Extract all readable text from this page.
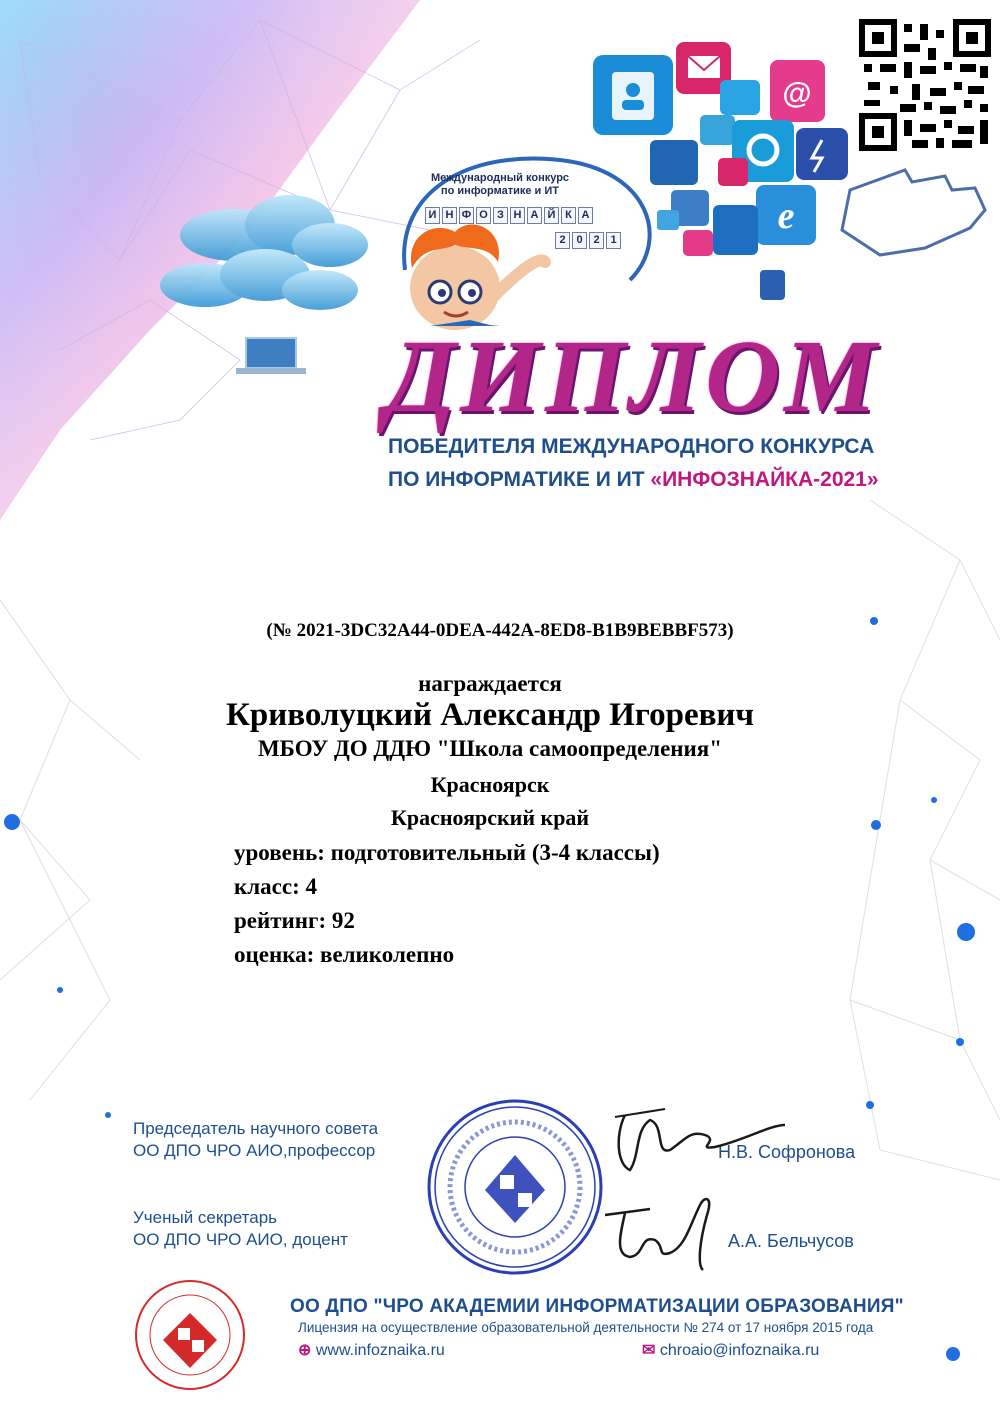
@
e
Международный конкурс
по информатике и ИТ
И Н Ф О З Н А Й К А
2 0 2 1
ДИПЛОМ
ПОБЕДИТЕЛЯ МЕЖДУНАРОДНОГО КОНКУРСА
ПО ИНФОРМАТИКЕ И ИТ «ИНФОЗНАЙКА-2021»
(№ 2021-3DC32A44-0DEA-442A-8ED8-B1B9BEBBF573)
награждается
Криволуцкий Александр Игоревич
МБОУ ДО ДДЮ "Школа самоопределения"
Красноярск
Красноярский край
уровень: подготовительный (3-4 классы)
класс: 4
рейтинг: 92
оценка: великолепно
Председатель научного совета
ОО ДПО ЧРО АИО,профессор
Ученый секретарь
ОО ДПО ЧРО АИО, доцент
Н.В. Софронова
А.А. Бельчусов
ОО ДПО "ЧРО АКАДЕМИИ ИНФОРМАТИЗАЦИИ ОБРАЗОВАНИЯ"
Лицензия на осуществление образовательной деятельности № 274 от 17 ноября 2015 года
⊕ www.infoznaika.ru	✉ chroaio@infoznaika.ru
